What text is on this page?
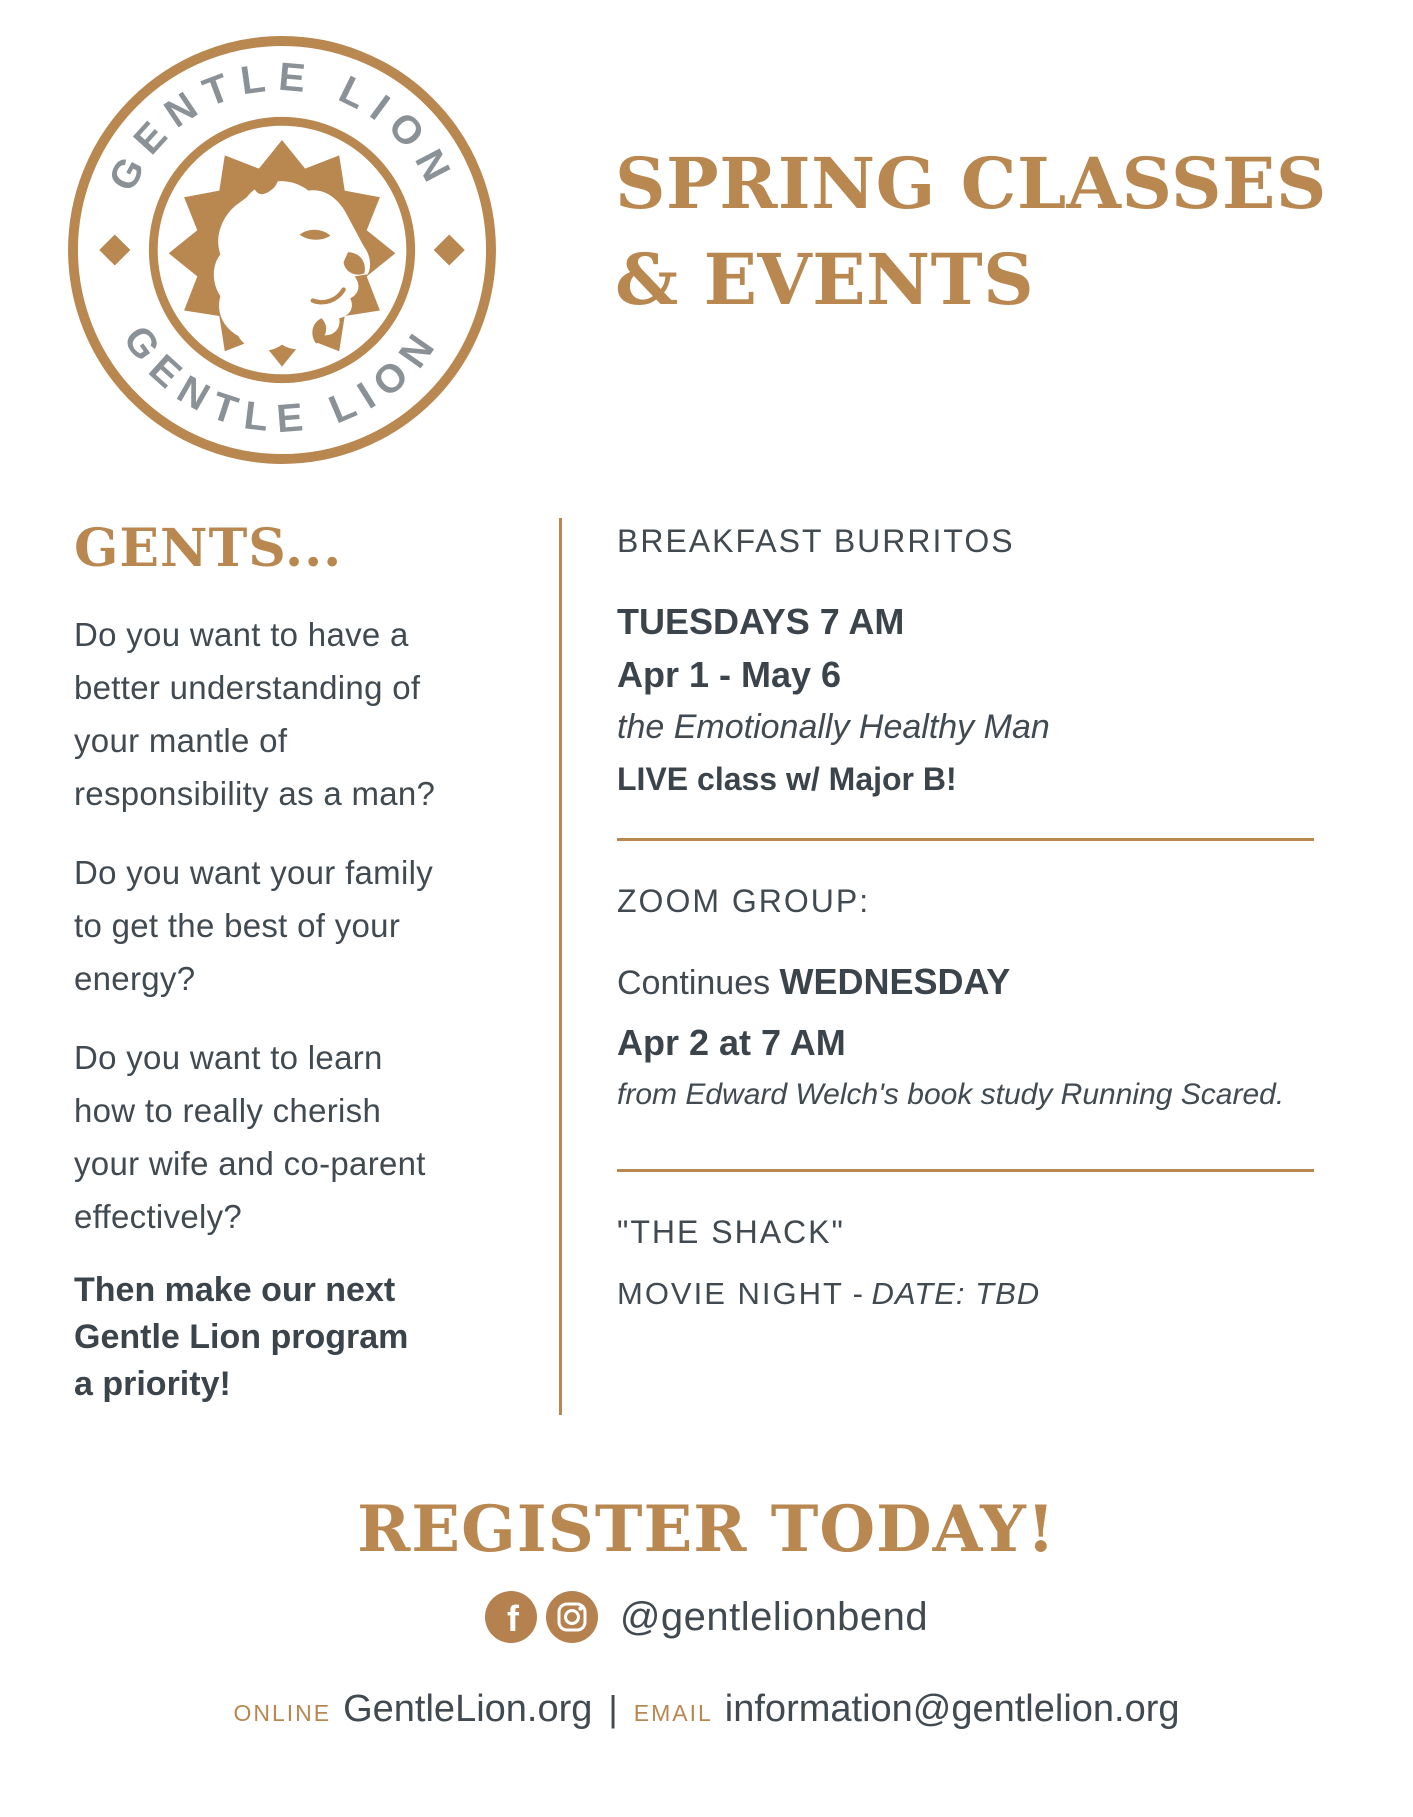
GENTLE LION
GENTLE LION
SPRING CLASSES
& EVENTS
GENTS...

Do you want to have a
better understanding of
your mantle of
responsibility as a man?

Do you want your family
to get the best of your
energy?

Do you want to learn
how to really cherish
your wife and co-parent
effectively?

Then make our next
Gentle Lion program
a priority!

BREAKFAST BURRITOS
TUESDAYS 7 AM
Apr 1 - May 6
the Emotionally Healthy Man
LIVE class w/ Major B!
ZOOM GROUP:
Continues WEDNESDAY
Apr 2 at 7 AM
from Edward Welch's book study Running Scared.
"THE SHACK"
MOVIE NIGHT - DATE: TBD
REGISTER TODAY!
f	@gentlelionbend
ONLINE GentleLion.org | EMAIL information@gentlelion.org
